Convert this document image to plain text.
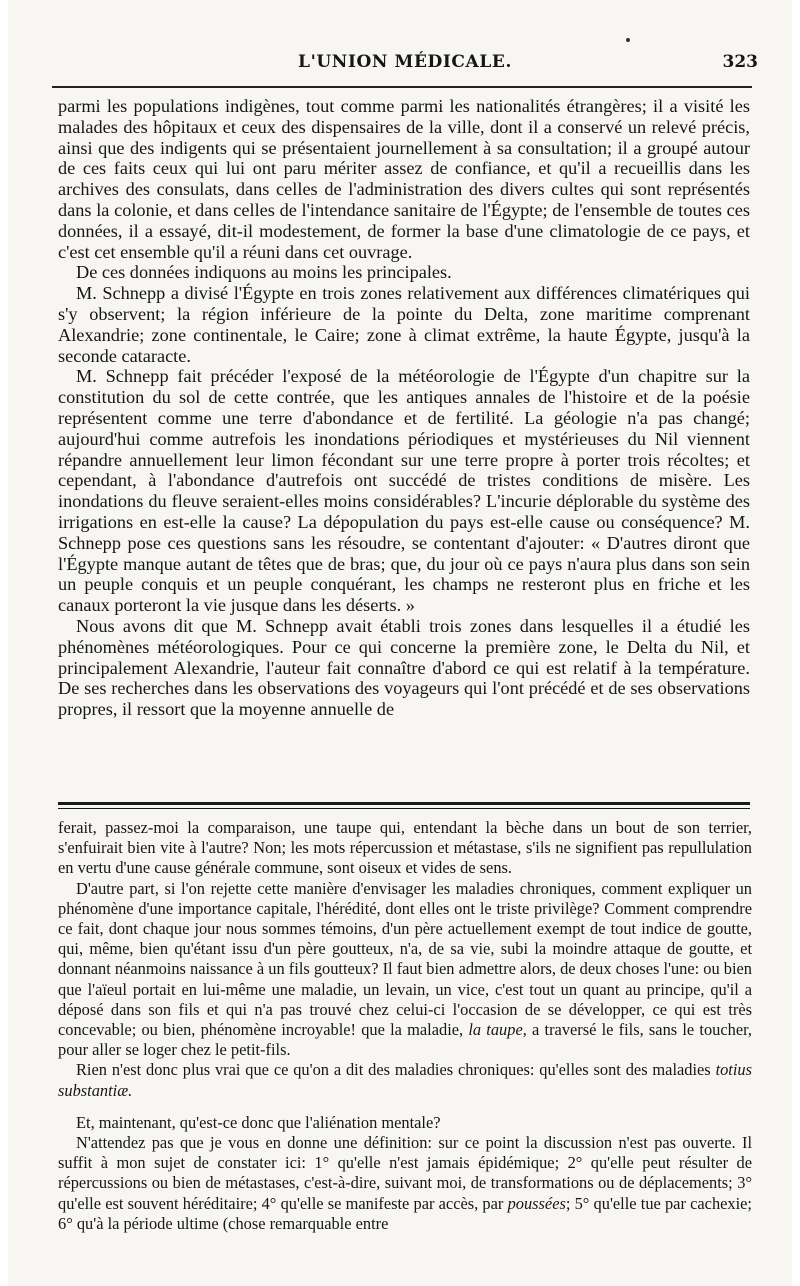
L'UNION MÉDICALE.	323

parmi les populations indigènes, tout comme parmi les nationalités étrangères; il a visité les malades des hôpitaux et ceux des dispensaires de la ville, dont il a conservé un relevé précis, ainsi que des indigents qui se présentaient journellement à sa consultation; il a groupé autour de ces faits ceux qui lui ont paru mériter assez de confiance, et qu'il a recueillis dans les archives des consulats, dans celles de l'administration des divers cultes qui sont représentés dans la colonie, et dans celles de l'intendance sanitaire de l'Égypte; de l'ensemble de toutes ces données, il a essayé, dit-il modestement, de former la base d'une climatologie de ce pays, et c'est cet ensemble qu'il a réuni dans cet ouvrage.

De ces données indiquons au moins les principales.

M. Schnepp a divisé l'Égypte en trois zones relativement aux différences climatériques qui s'y observent; la région inférieure de la pointe du Delta, zone maritime comprenant Alexandrie; zone continentale, le Caire; zone à climat extrême, la haute Égypte, jusqu'à la seconde cataracte.

M. Schnepp fait précéder l'exposé de la météorologie de l'Égypte d'un chapitre sur la constitution du sol de cette contrée, que les antiques annales de l'histoire et de la poésie représentent comme une terre d'abondance et de fertilité. La géologie n'a pas changé; aujourd'hui comme autrefois les inondations périodiques et mystérieuses du Nil viennent répandre annuellement leur limon fécondant sur une terre propre à porter trois récoltes; et cependant, à l'abondance d'autrefois ont succédé de tristes conditions de misère. Les inondations du fleuve seraient-elles moins considérables? L'incurie déplorable du système des irrigations en est-elle la cause? La dépopulation du pays est-elle cause ou conséquence? M. Schnepp pose ces questions sans les résoudre, se contentant d'ajouter: « D'autres diront que l'Égypte manque autant de têtes que de bras; que, du jour où ce pays n'aura plus dans son sein un peuple conquis et un peuple conquérant, les champs ne resteront plus en friche et les canaux porteront la vie jusque dans les déserts. »

Nous avons dit que M. Schnepp avait établi trois zones dans lesquelles il a étudié les phénomènes météorologiques. Pour ce qui concerne la première zone, le Delta du Nil, et principalement Alexandrie, l'auteur fait connaître d'abord ce qui est relatif à la température. De ses recherches dans les observations des voyageurs qui l'ont précédé et de ses observations propres, il ressort que la moyenne annuelle de

ferait, passez-moi la comparaison, une taupe qui, entendant la bèche dans un bout de son terrier, s'enfuirait bien vite à l'autre? Non; les mots répercussion et métastase, s'ils ne signifient pas repullulation en vertu d'une cause générale commune, sont oiseux et vides de sens.

D'autre part, si l'on rejette cette manière d'envisager les maladies chroniques, comment expliquer un phénomène d'une importance capitale, l'hérédité, dont elles ont le triste privilège? Comment comprendre ce fait, dont chaque jour nous sommes témoins, d'un père actuellement exempt de tout indice de goutte, qui, même, bien qu'étant issu d'un père goutteux, n'a, de sa vie, subi la moindre attaque de goutte, et donnant néanmoins naissance à un fils goutteux? Il faut bien admettre alors, de deux choses l'une: ou bien que l'aïeul portait en lui-même une maladie, un levain, un vice, c'est tout un quant au principe, qu'il a déposé dans son fils et qui n'a pas trouvé chez celui-ci l'occasion de se développer, ce qui est très concevable; ou bien, phénomène incroyable! que la maladie, la taupe, a traversé le fils, sans le toucher, pour aller se loger chez le petit-fils.

Rien n'est donc plus vrai que ce qu'on a dit des maladies chroniques: qu'elles sont des maladies totius substantiæ.

Et, maintenant, qu'est-ce donc que l'aliénation mentale?

N'attendez pas que je vous en donne une définition: sur ce point la discussion n'est pas ouverte. Il suffit à mon sujet de constater ici: 1° qu'elle n'est jamais épidémique; 2° qu'elle peut résulter de répercussions ou bien de métastases, c'est-à-dire, suivant moi, de transformations ou de déplacements; 3° qu'elle est souvent héréditaire; 4° qu'elle se manifeste par accès, par poussées; 5° qu'elle tue par cachexie; 6° qu'à la période ultime (chose remarquable entre
